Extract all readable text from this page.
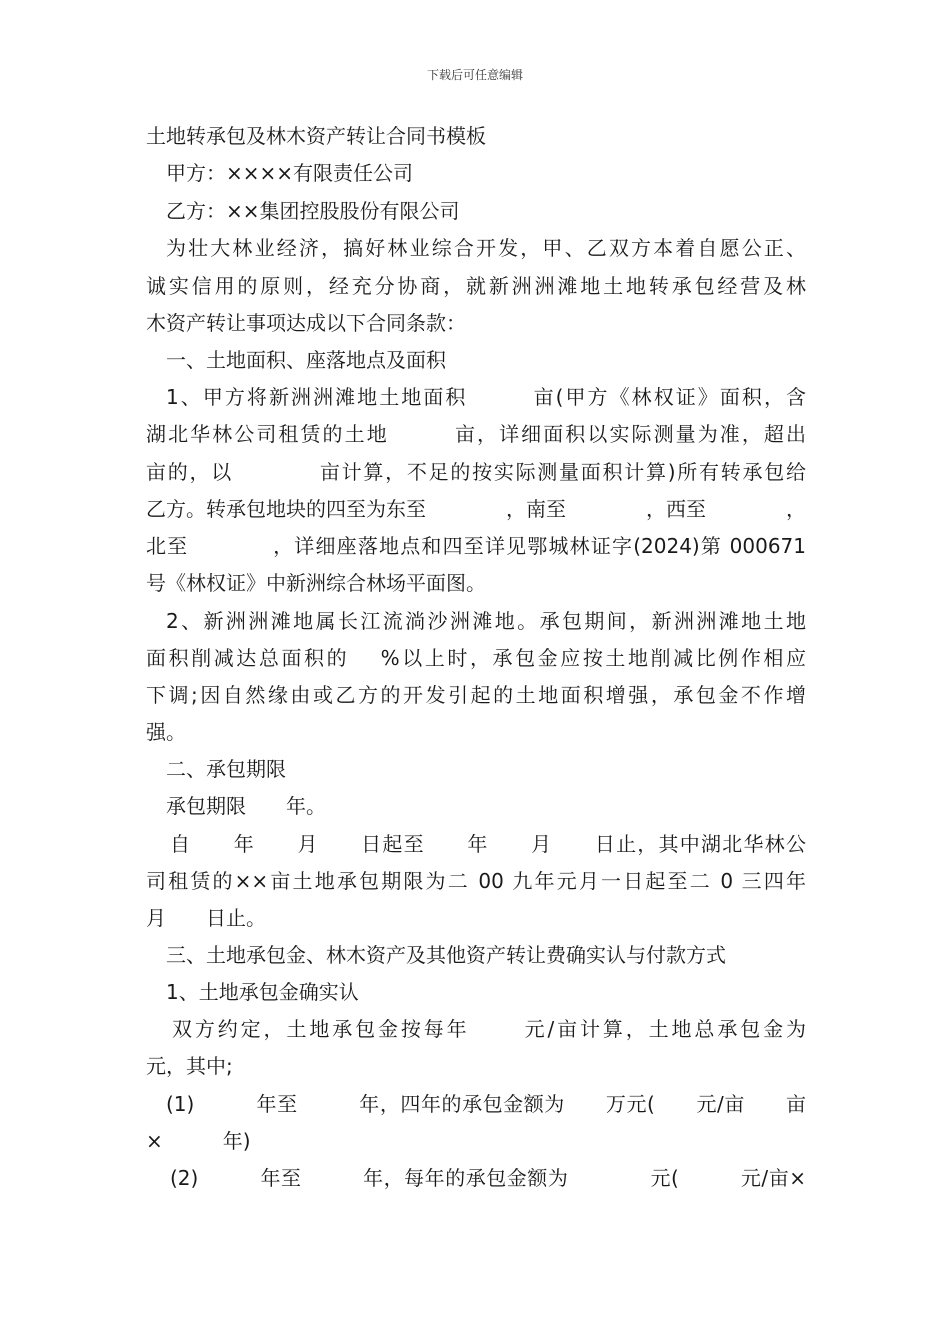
下载后可任意编辑

土地转承包及林木资产转让合同书模板

甲方：××××有限责任公司

乙方：××集团控股股份有限公司

为壮大林业经济，搞好林业综合开发，甲、乙双方本着自愿公正、

诚实信用的原则，经充分协商，就新洲洲滩地土地转承包经营及林

木资产转让事项达成以下合同条款：

一、土地面积、座落地点及面积

1、甲方将新洲洲滩地土地面积　　　亩(甲方《林权证》面积，含

湖北华林公司租赁的土地　　　亩，详细面积以实际测量为准，超出

亩的，以　　　　亩计算，不足的按实际测量面积计算)所有转承包给

乙方。转承包地块的四至为东至　　　　，南至　　　　，西至　　　　，

北至　　　　，详细座落地点和四至详见鄂城林证字(2024)第 000671

号《林权证》中新洲综合林场平面图。

2、新洲洲滩地属长江流淌沙洲滩地。承包期间，新洲洲滩地土地

面积削减达总面积的　 %以上时，承包金应按土地削减比例作相应

下调;因自然缘由或乙方的开发引起的土地面积增强，承包金不作增

强。

二、承包期限

承包期限　　年。

自　　年　　月　　日起至　　年　　月　　日止，其中湖北华林公

司租赁的××亩土地承包期限为二 00 九年元月一日起至二 0 三四年

月　　日止。

三、土地承包金、林木资产及其他资产转让费确实认与付款方式

1、土地承包金确实认

双方约定，土地承包金按每年　　 元/亩计算，土地总承包金为

元，其中;

(1)　　　年至　　　年，四年的承包金额为　　万元(　　元/亩　　亩

×　　　年)

(2)　　　年至　　　年，每年的承包金额为　　　　元(　　　元/亩×
